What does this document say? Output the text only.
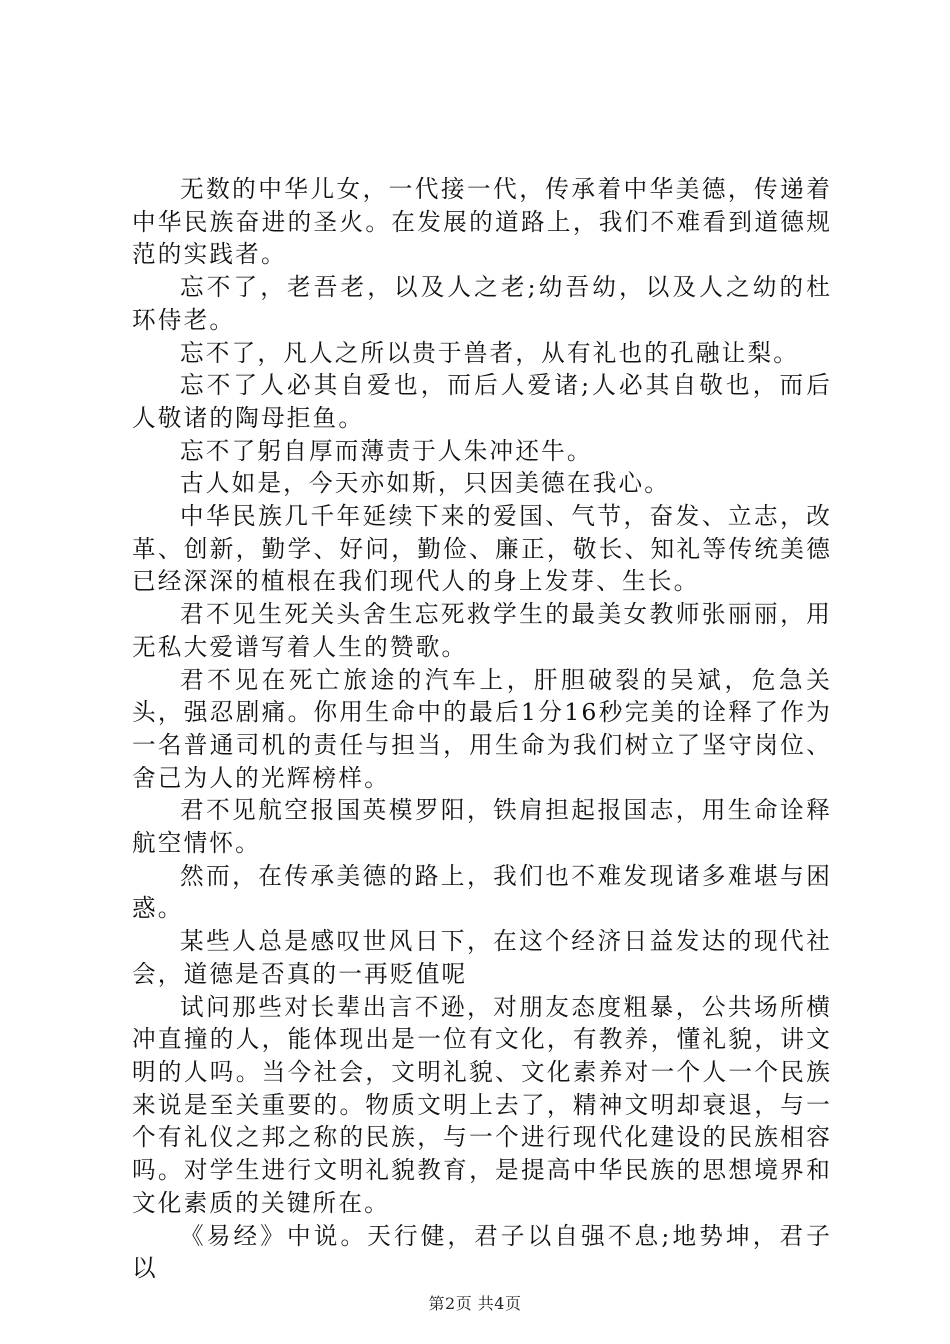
无数的中华儿女，一代接一代，传承着中华美德，传递着中华民族奋进的圣火。在发展的道路上，我们不难看到道德规范的实践者。

忘不了，老吾老，以及人之老;幼吾幼，以及人之幼的杜环侍老。

忘不了，凡人之所以贵于兽者，从有礼也的孔融让梨。

忘不了人必其自爱也，而后人爱诸;人必其自敬也，而后人敬诸的陶母拒鱼。

忘不了躬自厚而薄责于人朱冲还牛。

古人如是，今天亦如斯，只因美德在我心。

中华民族几千年延续下来的爱国、气节，奋发、立志，改革、创新，勤学、好问，勤俭、廉正，敬长、知礼等传统美德已经深深的植根在我们现代人的身上发芽、生长。

君不见生死关头舍生忘死救学生的最美女教师张丽丽，用无私大爱谱写着人生的赞歌。

君不见在死亡旅途的汽车上，肝胆破裂的吴斌，危急关头，强忍剧痛。你用生命中的最后1分16秒完美的诠释了作为一名普通司机的责任与担当，用生命为我们树立了坚守岗位、舍己为人的光辉榜样。

君不见航空报国英模罗阳，铁肩担起报国志，用生命诠释航空情怀。

然而，在传承美德的路上，我们也不难发现诸多难堪与困惑。

某些人总是感叹世风日下，在这个经济日益发达的现代社会，道德是否真的一再贬值呢

试问那些对长辈出言不逊，对朋友态度粗暴，公共场所横冲直撞的人，能体现出是一位有文化，有教养，懂礼貌，讲文明的人吗。当今社会，文明礼貌、文化素养对一个人一个民族来说是至关重要的。物质文明上去了，精神文明却衰退，与一个有礼仪之邦之称的民族，与一个进行现代化建设的民族相容吗。对学生进行文明礼貌教育，是提高中华民族的思想境界和文化素质的关键所在。

《易经》中说。天行健，君子以自强不息;地势坤，君子以

第2页 共4页
